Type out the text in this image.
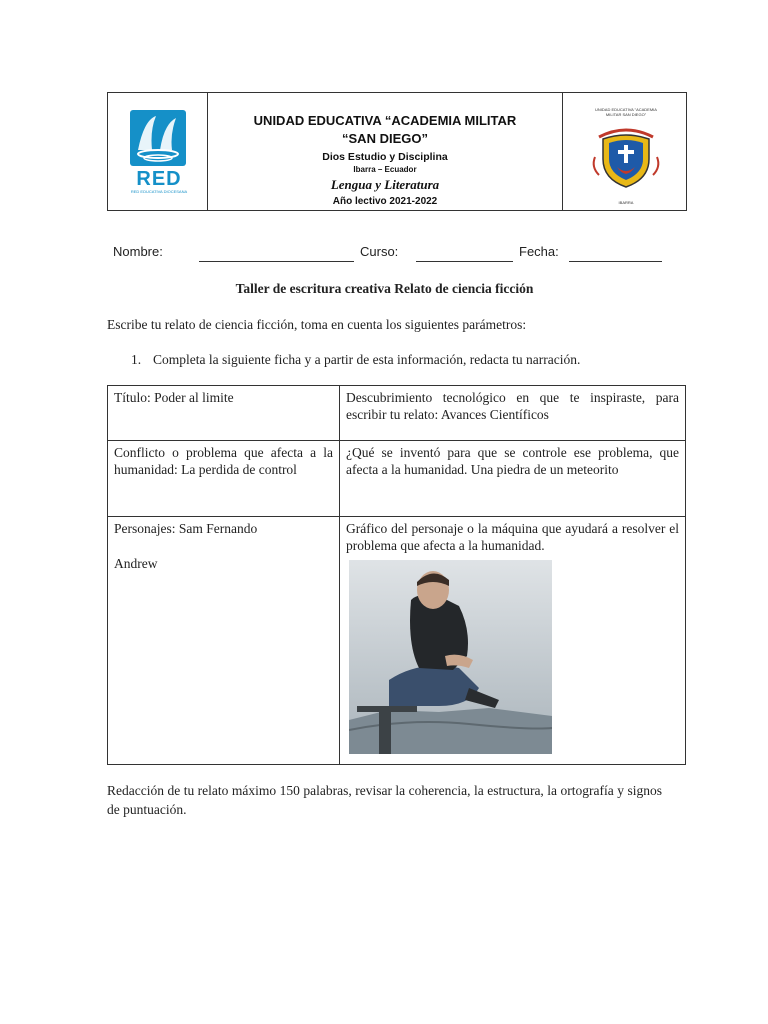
RED
RED EDUCATIVA DIOCESANA
UNIDAD EDUCATIVA “ACADEMIA MILITAR
“SAN DIEGO”
Dios Estudio y Disciplina
Ibarra – Ecuador
Lengua y Literatura
Año lectivo 2021-2022
UNIDAD EDUCATIVA "ACADEMIA MILITAR SAN DIEGO"
IBARRA
Nombre:	Curso:	Fecha:
Taller de escritura creativa Relato de ciencia ficción
Escribe tu relato de ciencia ficción, toma en cuenta los siguientes parámetros:
1. Completa la siguiente ficha y a partir de esta información, redacta tu narración.
Título: Poder al limite	Descubrimiento tecnológico en que te inspiraste, para escribir tu relato: Avances Científicos
Conflicto o problema que afecta a la humanidad: La perdida de control	¿Qué se inventó para que se controle ese problema, que afecta a la humanidad. Una piedra de un meteorito

Personajes: Sam Fernando
Andrew	Gráfico del personaje o la máquina que ayudará a resolver el problema que afecta a la humanidad.
Redacción de tu relato máximo 150 palabras, revisar la coherencia, la estructura, la ortografía y signos de puntuación.
